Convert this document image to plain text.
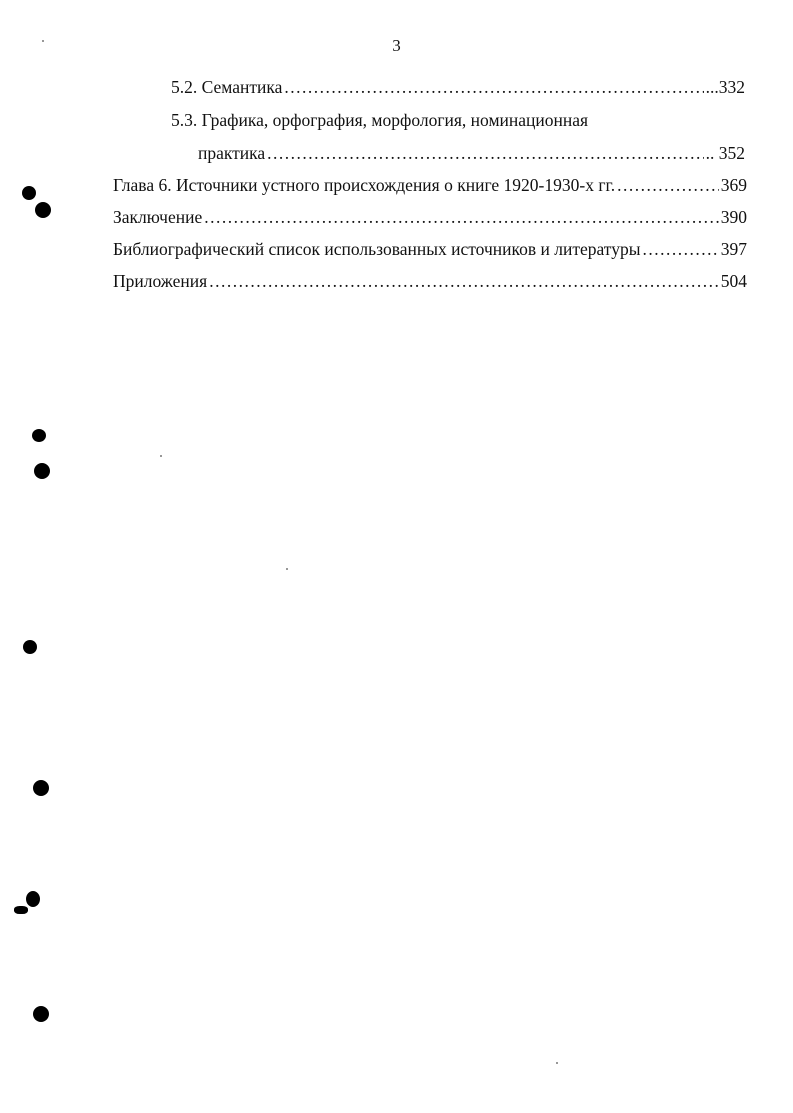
3
5.2. Семантика .....	...332
5.3. Графика, орфография, морфология, номинационная
практика .....	.. 352
Глава 6. Источники устного происхождения о книге 1920-1930-х гг. .....	369
Заключение .....	390
Библиографический список использованных источников и литературы .....	397
Приложения .....	504
